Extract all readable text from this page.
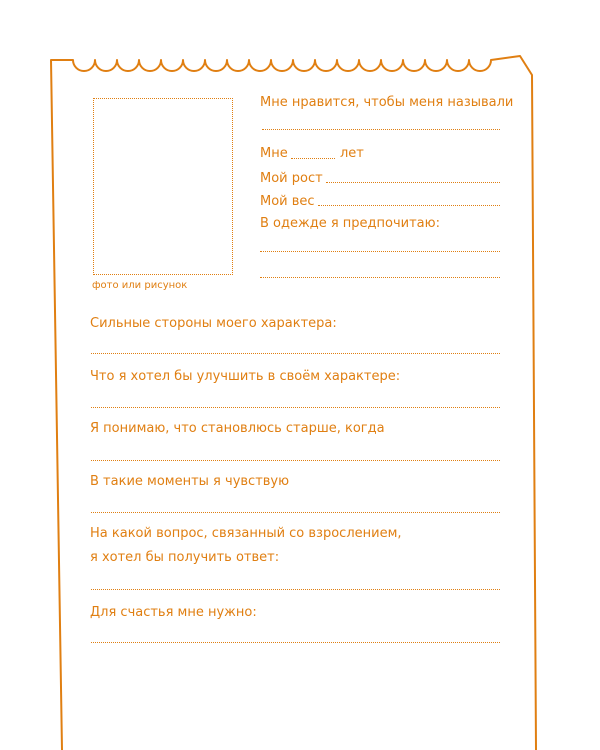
фото или рисунок
Мне нравится, чтобы меня называли
Мне	лет
Мой рост
Мой вес
В одежде я предпочитаю:
Сильные стороны моего характера:
Что я хотел бы улучшить в своём характере:
Я понимаю, что становлюсь старше, когда
В такие моменты я чувствую
На какой вопрос, связанный со взрослением,
я хотел бы получить ответ:
Для счастья мне нужно:
